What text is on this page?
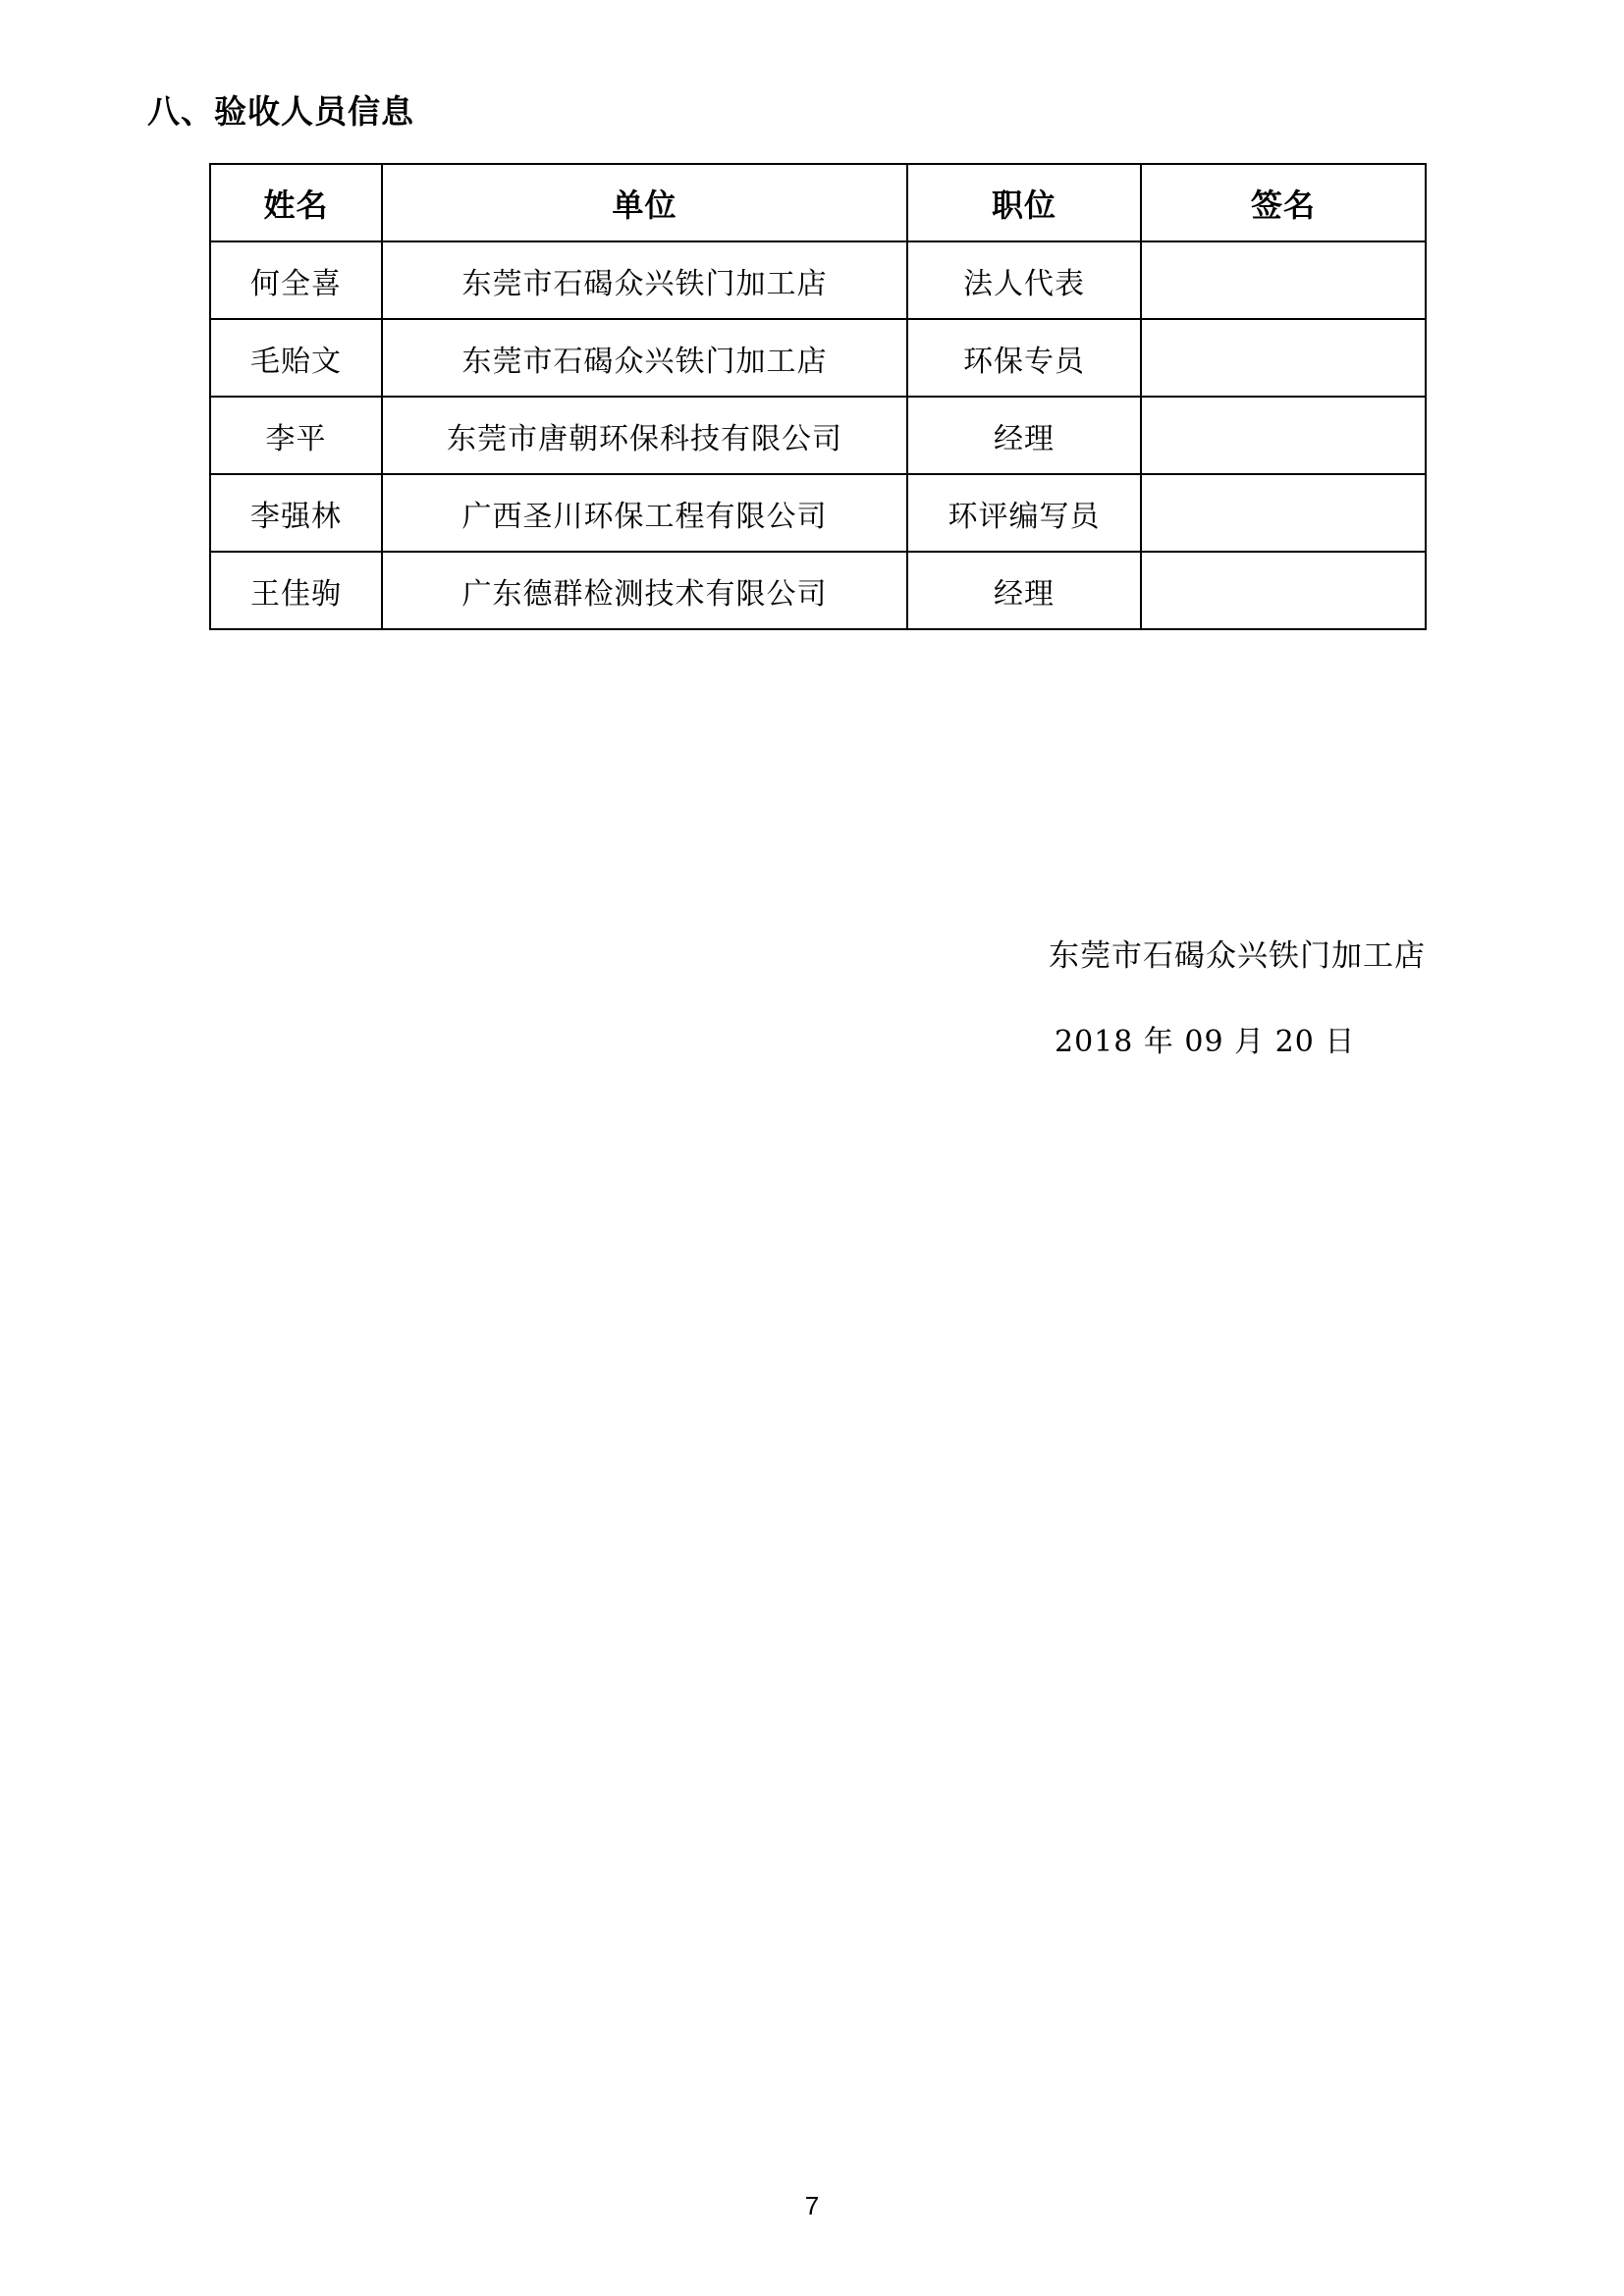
八、验收人员信息
姓名	单位	职位	签名
何全喜	东莞市石碣众兴铁门加工店	法人代表	
毛贻文	东莞市石碣众兴铁门加工店	环保专员	
李平	东莞市唐朝环保科技有限公司	经理	
李强林	广西圣川环保工程有限公司	环评编写员	
王佳驹	广东德群检测技术有限公司	经理	
东莞市石碣众兴铁门加工店
2018 年 09 月 20 日
7
